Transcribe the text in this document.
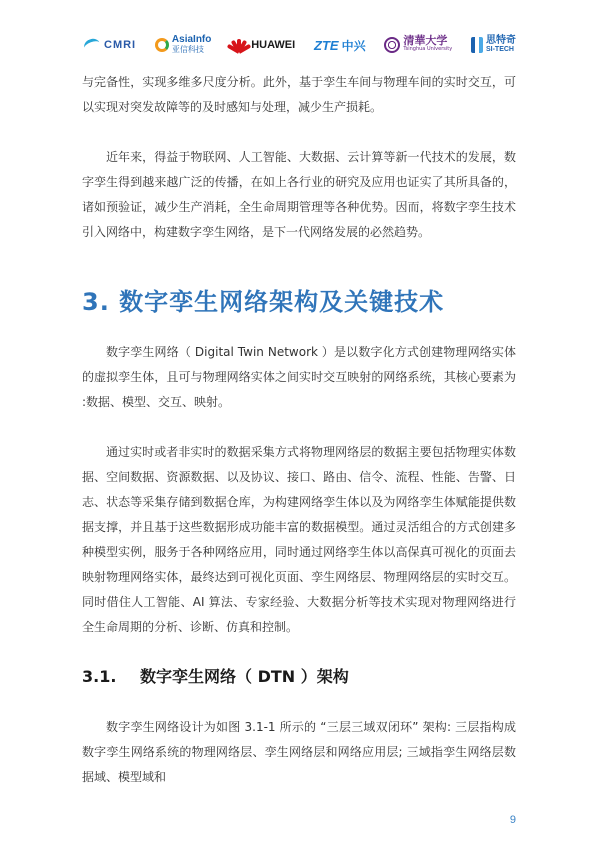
CMRI	AsiaInfo
亚信科技	HUAWEI ZTE 中兴	清華大学
Tsinghua University
思特奇
SI-TECH

与完备性，实现多维多尺度分析。此外，基于孪生车间与物理车间的实时交互，可以实现对突发故障等的及时感知与处理，减少生产损耗。

近年来，得益于物联网、人工智能、大数据、云计算等新一代技术的发展，数字孪生得到越来越广泛的传播，在如上各行业的研究及应用也证实了其所具备的，诸如预验证，减少生产消耗，全生命周期管理等各种优势。因而，将数字孪生技术引入网络中，构建数字孪生网络，是下一代网络发展的必然趋势。

3. 数字孪生网络架构及关键技术

数字孪生网络（ Digital Twin Network ）是以数字化方式创建物理网络实体的虚拟孪生体，且可与物理网络实体之间实时交互映射的网络系统，其核心要素为 :数据、模型、交互、映射。

通过实时或者非实时的数据采集方式将物理网络层的数据主要包括物理实体数据、空间数据、资源数据、以及协议、接口、路由、信令、流程、性能、告警、日志、状态等采集存储到数据仓库，为构建网络孪生体以及为网络孪生体赋能提供数据支撑，并且基于这些数据形成功能丰富的数据模型。通过灵活组合的方式创建多种模型实例，服务于各种网络应用，同时通过网络孪生体以高保真可视化的页面去映射物理网络实体，最终达到可视化页面、孪生网络层、物理网络层的实时交互。同时借住人工智能、AI 算法、专家经验、大数据分析等技术实现对物理网络进行全生命周期的分析、诊断、仿真和控制。

3.1. 数字孪生网络（ DTN ）架构

数字孪生网络设计为如图 3.1-1 所示的 “三层三域双闭环” 架构: 三层指构成数字孪生网络系统的物理网络层、孪生网络层和网络应用层; 三域指孪生网络层数据域、模型域和

9
